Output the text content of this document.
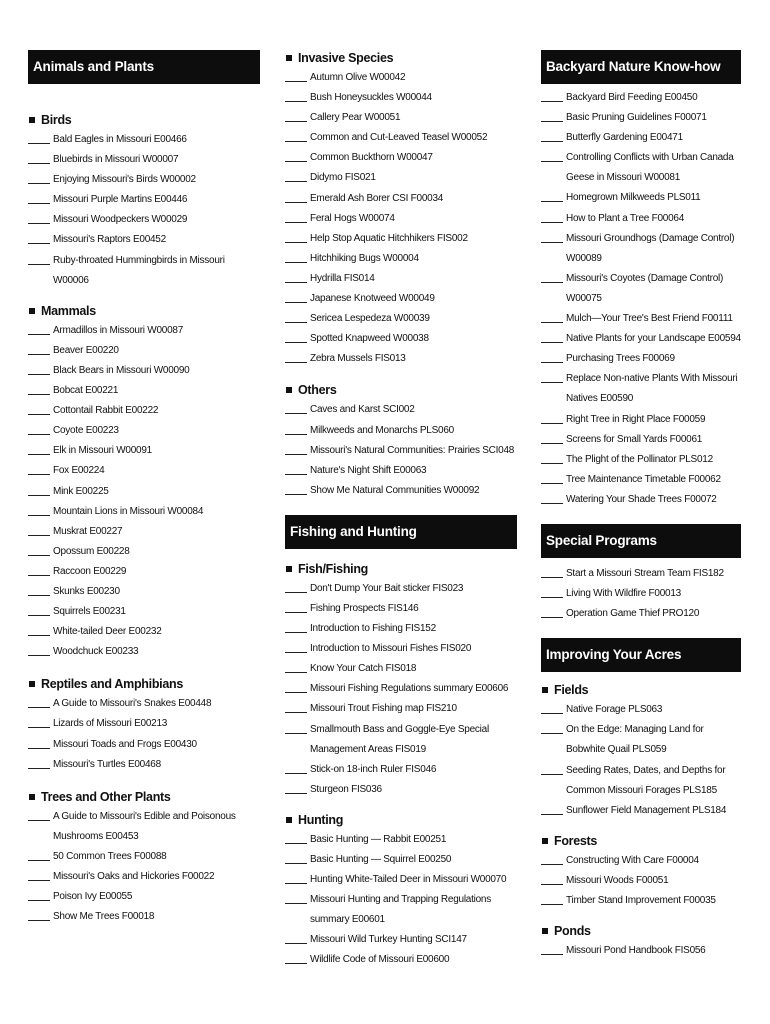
Animals and Plants
Birds
Bald Eagles in Missouri E00466
Bluebirds in Missouri W00007
Enjoying Missouri's Birds W00002
Missouri Purple Martins E00446
Missouri Woodpeckers W00029
Missouri's Raptors E00452
Ruby-throated Hummingbirds in Missouri W00006
Mammals
Armadillos in Missouri W00087
Beaver E00220
Black Bears in Missouri W00090
Bobcat E00221
Cottontail Rabbit E00222
Coyote E00223
Elk in Missouri W00091
Fox E00224
Mink E00225
Mountain Lions in Missouri W00084
Muskrat E00227
Opossum E00228
Raccoon E00229
Skunks E00230
Squirrels E00231
White-tailed Deer E00232
Woodchuck E00233
Reptiles and Amphibians
A Guide to Missouri's Snakes E00448
Lizards of Missouri E00213
Missouri Toads and Frogs E00430
Missouri's Turtles E00468
Trees and Other Plants
A Guide to Missouri's Edible and Poisonous Mushrooms E00453
50 Common Trees F00088
Missouri's Oaks and Hickories F00022
Poison Ivy E00055
Show Me Trees F00018
Invasive Species
Autumn Olive W00042
Bush Honeysuckles W00044
Callery Pear W00051
Common and Cut-Leaved Teasel W00052
Common Buckthorn W00047
Didymo FIS021
Emerald Ash Borer CSI F00034
Feral Hogs W00074
Help Stop Aquatic Hitchhikers FIS002
Hitchhiking Bugs W00004
Hydrilla FIS014
Japanese Knotweed W00049
Sericea Lespedeza W00039
Spotted Knapweed W00038
Zebra Mussels FIS013
Others
Caves and Karst SCI002
Milkweeds and Monarchs PLS060
Missouri's Natural Communities: Prairies SCI048
Nature's Night Shift E00063
Show Me Natural Communities W00092
Fishing and Hunting
Fish/Fishing
Don't Dump Your Bait sticker FIS023
Fishing Prospects FIS146
Introduction to Fishing FIS152
Introduction to Missouri Fishes FIS020
Know Your Catch FIS018
Missouri Fishing Regulations summary E00606
Missouri Trout Fishing map FIS210
Smallmouth Bass and Goggle-Eye Special Management Areas FIS019
Stick-on 18-inch Ruler FIS046
Sturgeon FIS036
Hunting
Basic Hunting — Rabbit E00251
Basic Hunting — Squirrel E00250
Hunting White-Tailed Deer in Missouri W00070
Missouri Hunting and Trapping Regulations summary E00601
Missouri Wild Turkey Hunting SCI147
Wildlife Code of Missouri E00600
Backyard Nature Know-how
Backyard Bird Feeding E00450
Basic Pruning Guidelines F00071
Butterfly Gardening E00471
Controlling Conflicts with Urban Canada Geese in Missouri W00081
Homegrown Milkweeds PLS011
How to Plant a Tree F00064
Missouri Groundhogs (Damage Control) W00089
Missouri's Coyotes (Damage Control) W00075
Mulch—Your Tree's Best Friend F00111
Native Plants for your Landscape E00594
Purchasing Trees F00069
Replace Non-native Plants With Missouri Natives E00590
Right Tree in Right Place F00059
Screens for Small Yards F00061
The Plight of the Pollinator PLS012
Tree Maintenance Timetable F00062
Watering Your Shade Trees F00072
Special Programs
Start a Missouri Stream Team FIS182
Living With Wildfire F00013
Operation Game Thief PRO120
Improving Your Acres
Fields
Native Forage PLS063
On the Edge: Managing Land for Bobwhite Quail PLS059
Seeding Rates, Dates, and Depths for Common Missouri Forages PLS185
Sunflower Field Management PLS184
Forests
Constructing With Care F00004
Missouri Woods F00051
Timber Stand Improvement F00035
Ponds
Missouri Pond Handbook FIS056
